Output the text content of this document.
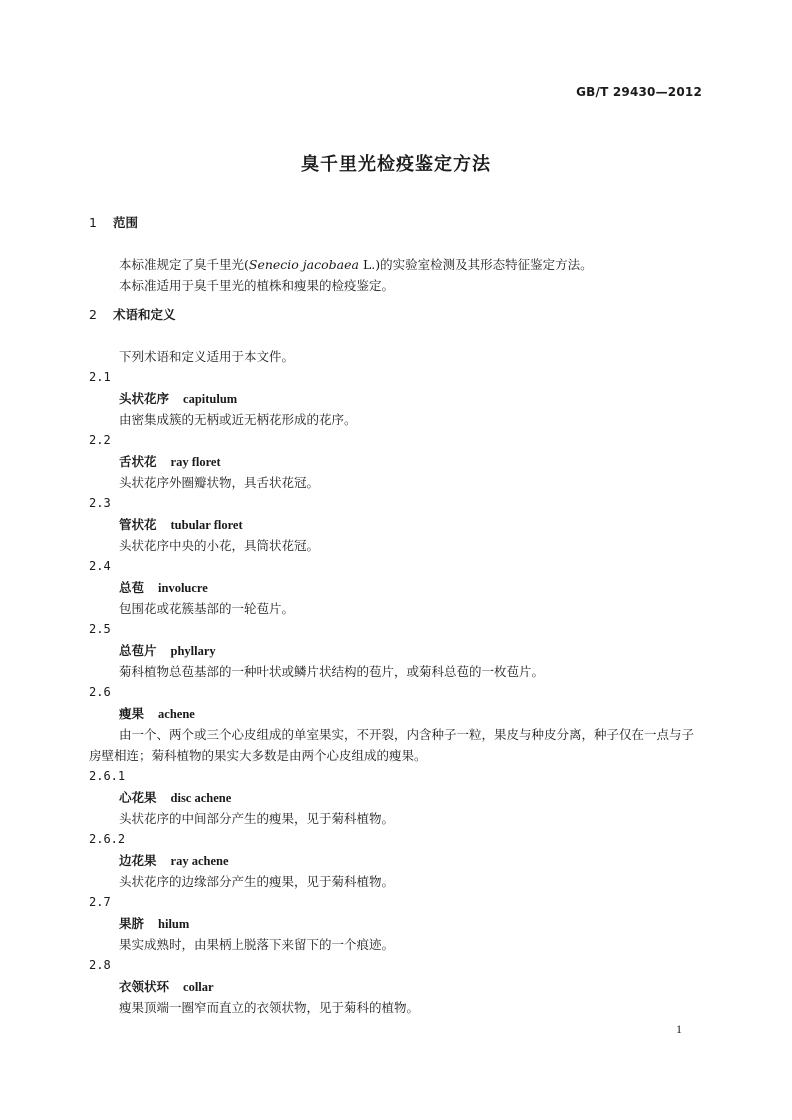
GB/T 29430—2012
臭千里光检疫鉴定方法
1 范围

本标准规定了臭千里光(Senecio jacobaea L.)的实验室检测及其形态特征鉴定方法。

本标准适用于臭千里光的植株和瘦果的检疫鉴定。

2 术语和定义

下列术语和定义适用于本文件。

2.1

头状花序 capitulum

由密集成簇的无柄或近无柄花形成的花序。

2.2

舌状花 ray floret

头状花序外圈瓣状物，具舌状花冠。

2.3

管状花 tubular floret

头状花序中央的小花，具筒状花冠。

2.4

总苞 involucre

包围花或花簇基部的一轮苞片。

2.5

总苞片 phyllary

菊科植物总苞基部的一种叶状或鳞片状结构的苞片，或菊科总苞的一枚苞片。

2.6

瘦果 achene

由一个、两个或三个心皮组成的单室果实，不开裂，内含种子一粒，果皮与种皮分离，种子仅在一点与子房壁相连；菊科植物的果实大多数是由两个心皮组成的瘦果。

2.6.1

心花果 disc achene

头状花序的中间部分产生的瘦果，见于菊科植物。

2.6.2

边花果 ray achene

头状花序的边缘部分产生的瘦果，见于菊科植物。

2.7

果脐 hilum

果实成熟时，由果柄上脱落下来留下的一个痕迹。

2.8

衣领状环 collar

瘦果顶端一圈窄而直立的衣领状物，见于菊科的植物。

1
